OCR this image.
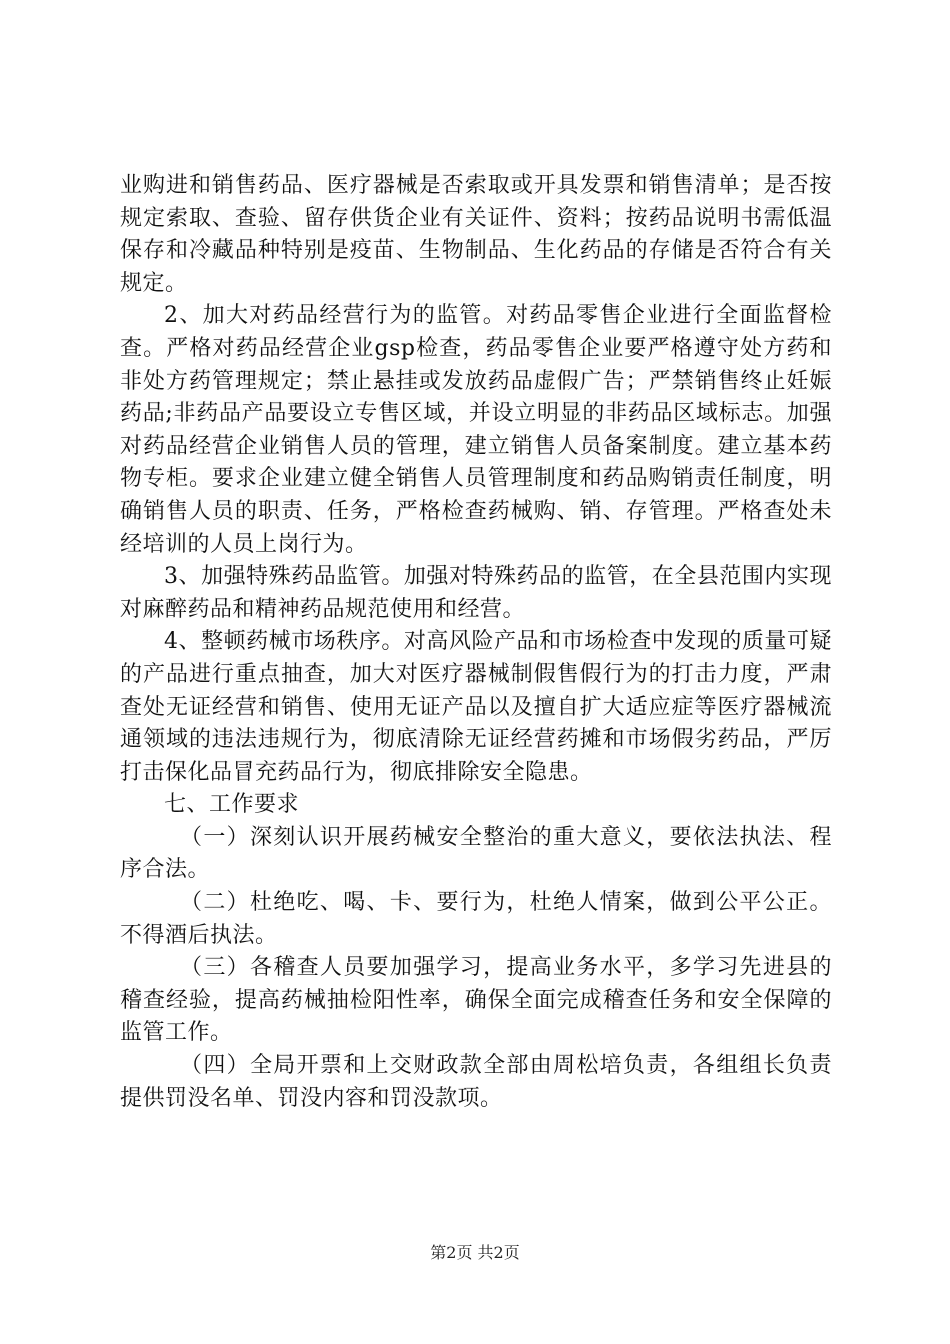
业购进和销售药品、医疗器械是否索取或开具发票和销售清单；是否按规定索取、查验、留存供货企业有关证件、资料；按药品说明书需低温保存和冷藏品种特别是疫苗、生物制品、生化药品的存储是否符合有关规定。

2、加大对药品经营行为的监管。对药品零售企业进行全面监督检查。严格对药品经营企业gsp检查，药品零售企业要严格遵守处方药和非处方药管理规定；禁止悬挂或发放药品虚假广告；严禁销售终止妊娠药品;非药品产品要设立专售区域，并设立明显的非药品区域标志。加强对药品经营企业销售人员的管理，建立销售人员备案制度。建立基本药物专柜。要求企业建立健全销售人员管理制度和药品购销责任制度，明确销售人员的职责、任务，严格检查药械购、销、存管理。严格查处未经培训的人员上岗行为。

3、加强特殊药品监管。加强对特殊药品的监管，在全县范围内实现对麻醉药品和精神药品规范使用和经营。

4、整顿药械市场秩序。对高风险产品和市场检查中发现的质量可疑的产品进行重点抽查，加大对医疗器械制假售假行为的打击力度，严肃查处无证经营和销售、使用无证产品以及擅自扩大适应症等医疗器械流通领域的违法违规行为，彻底清除无证经营药摊和市场假劣药品，严厉打击保化品冒充药品行为，彻底排除安全隐患。

七、工作要求

（一）深刻认识开展药械安全整治的重大意义，要依法执法、程序合法。

（二）杜绝吃、喝、卡、要行为，杜绝人情案，做到公平公正。不得酒后执法。

（三）各稽查人员要加强学习，提高业务水平，多学习先进县的稽查经验，提高药械抽检阳性率，确保全面完成稽查任务和安全保障的监管工作。

（四）全局开票和上交财政款全部由周松培负责，各组组长负责提供罚没名单、罚没内容和罚没款项。

第2页 共2页
